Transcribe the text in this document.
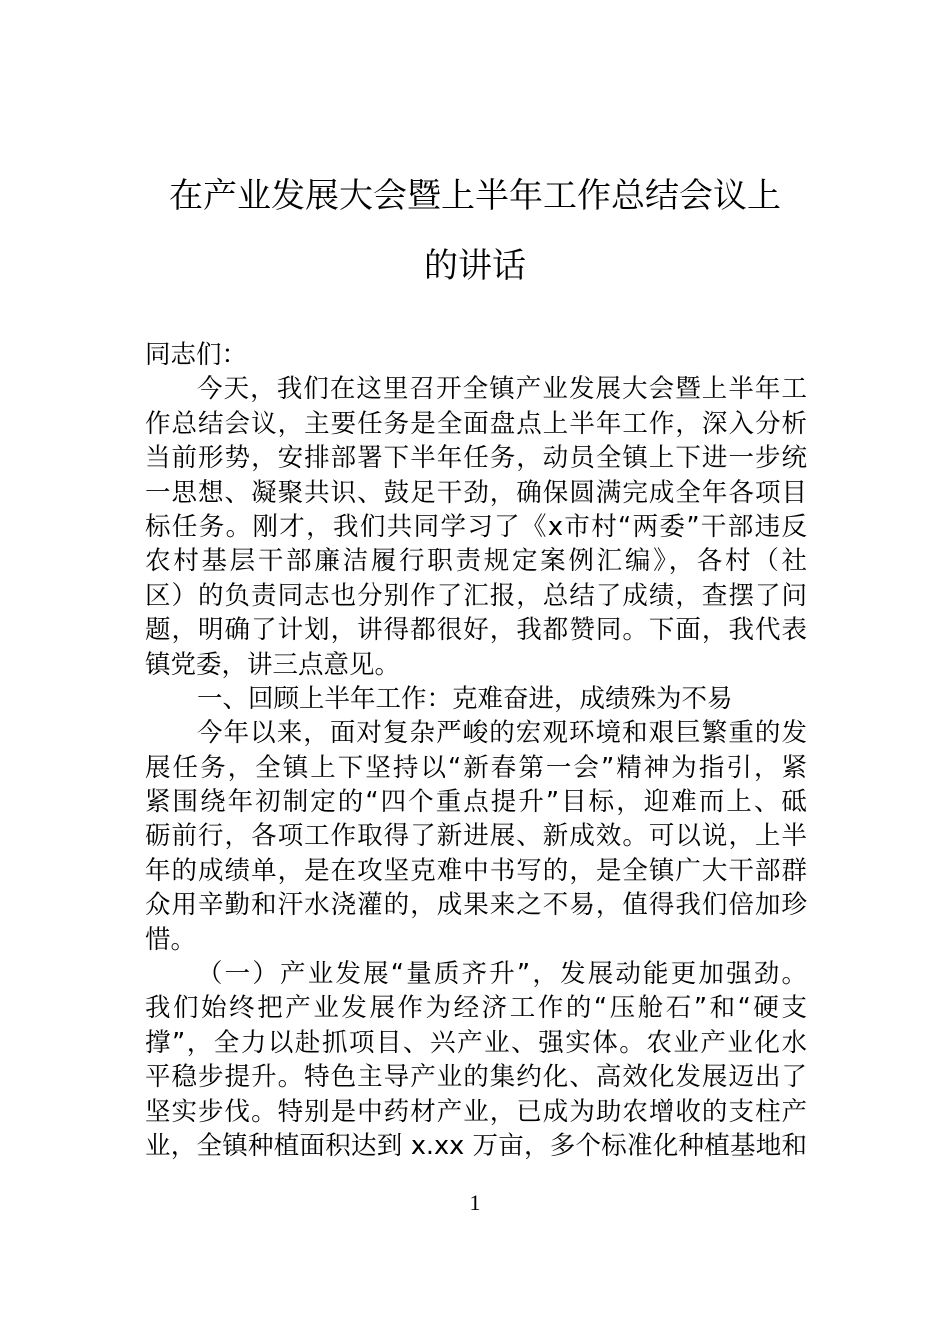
在产业发展大会暨上半年工作总结会议上
的讲话
同志们：
今天，我们在这里召开全镇产业发展大会暨上半年工
作总结会议，主要任务是全面盘点上半年工作，深入分析
当前形势，安排部署下半年任务，动员全镇上下进一步统
一思想、凝聚共识、鼓足干劲，确保圆满完成全年各项目
标任务。刚才，我们共同学习了《x市村“两委”干部违反
农村基层干部廉洁履行职责规定案例汇编》，各村（社
区）的负责同志也分别作了汇报，总结了成绩，查摆了问
题，明确了计划，讲得都很好，我都赞同。下面，我代表
镇党委，讲三点意见。
一、回顾上半年工作：克难奋进，成绩殊为不易
今年以来，面对复杂严峻的宏观环境和艰巨繁重的发
展任务，全镇上下坚持以“新春第一会”精神为指引，紧
紧围绕年初制定的“四个重点提升”目标，迎难而上、砥
砺前行，各项工作取得了新进展、新成效。可以说，上半
年的成绩单，是在攻坚克难中书写的，是全镇广大干部群
众用辛勤和汗水浇灌的，成果来之不易，值得我们倍加珍
惜。
（一）产业发展“量质齐升”，发展动能更加强劲。
我们始终把产业发展作为经济工作的“压舱石”和“硬支
撑”，全力以赴抓项目、兴产业、强实体。农业产业化水
平稳步提升。特色主导产业的集约化、高效化发展迈出了
坚实步伐。特别是中药材产业，已成为助农增收的支柱产
业，全镇种植面积达到 x.xx 万亩，多个标准化种植基地和
1
